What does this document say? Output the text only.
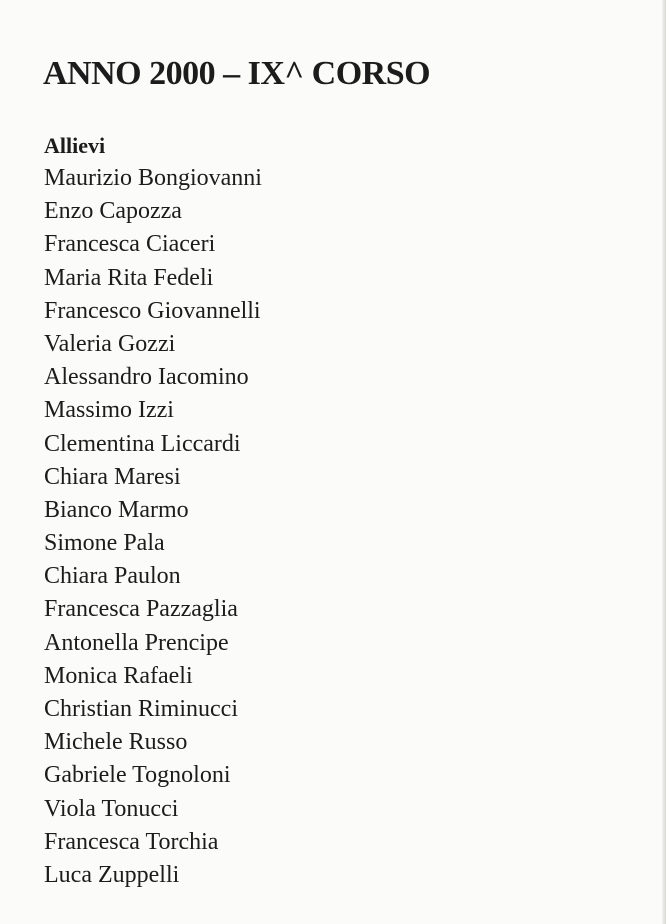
ANNO 2000 – IX^ CORSO
Allievi
Maurizio Bongiovanni
Enzo Capozza
Francesca Ciaceri
Maria Rita Fedeli
Francesco Giovannelli
Valeria Gozzi
Alessandro Iacomino
Massimo Izzi
Clementina Liccardi
Chiara Maresi
Bianco Marmo
Simone Pala
Chiara Paulon
Francesca Pazzaglia
Antonella Prencipe
Monica Rafaeli
Christian Riminucci
Michele Russo
Gabriele Tognoloni
Viola Tonucci
Francesca Torchia
Luca Zuppelli
